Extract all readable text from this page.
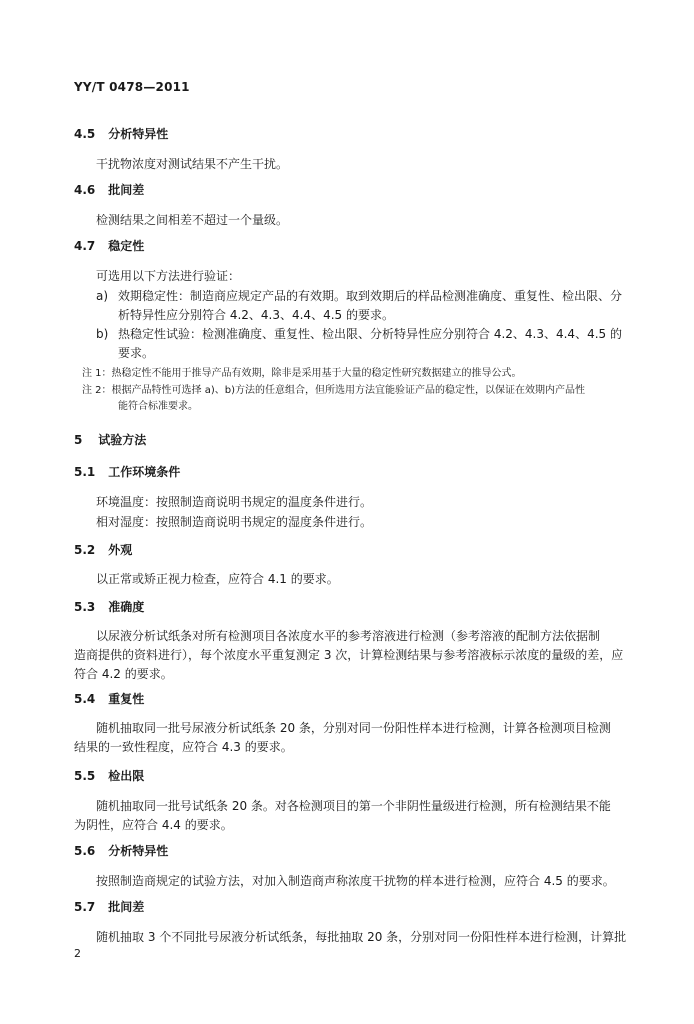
YY/T 0478—2011
4.5 分析特异性
干扰物浓度对测试结果不产生干扰。
4.6 批间差
检测结果之间相差不超过一个量级。
4.7 稳定性
可选用以下方法进行验证：
a) 效期稳定性：制造商应规定产品的有效期。取到效期后的样品检测准确度、重复性、检出限、分
析特异性应分别符合 4.2、4.3、4.4、4.5 的要求。
b) 热稳定性试验：检测准确度、重复性、检出限、分析特异性应分别符合 4.2、4.3、4.4、4.5 的
要求。
注 1：热稳定性不能用于推导产品有效期，除非是采用基于大量的稳定性研究数据建立的推导公式。
注 2：根据产品特性可选择 a)、b)方法的任意组合，但所选用方法宜能验证产品的稳定性，以保证在效期内产品性
能符合标准要求。
5 试验方法
5.1 工作环境条件
环境温度：按照制造商说明书规定的温度条件进行。
相对湿度：按照制造商说明书规定的湿度条件进行。
5.2 外观
以正常或矫正视力检查，应符合 4.1 的要求。
5.3 准确度
以尿液分析试纸条对所有检测项目各浓度水平的参考溶液进行检测（参考溶液的配制方法依据制
造商提供的资料进行），每个浓度水平重复测定 3 次，计算检测结果与参考溶液标示浓度的量级的差，应
符合 4.2 的要求。
5.4 重复性
随机抽取同一批号尿液分析试纸条 20 条，分别对同一份阳性样本进行检测，计算各检测项目检测
结果的一致性程度，应符合 4.3 的要求。
5.5 检出限
随机抽取同一批号试纸条 20 条。对各检测项目的第一个非阴性量级进行检测，所有检测结果不能
为阴性，应符合 4.4 的要求。
5.6 分析特异性
按照制造商规定的试验方法，对加入制造商声称浓度干扰物的样本进行检测，应符合 4.5 的要求。
5.7 批间差
随机抽取 3 个不同批号尿液分析试纸条，每批抽取 20 条，分别对同一份阳性样本进行检测，计算批
2
